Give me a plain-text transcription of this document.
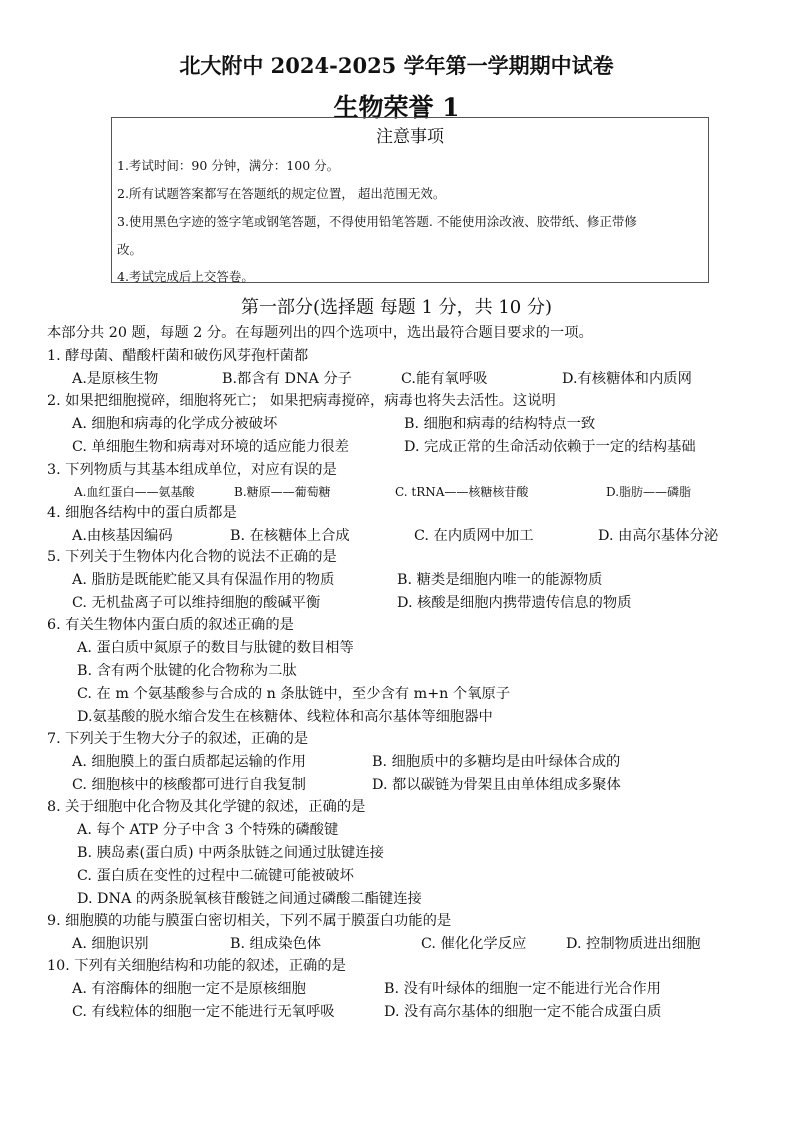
北大附中 2024-2025 学年第一学期期中试卷
生物荣誉 1
注意事项
1.考试时间：90 分钟，满分：100 分。
2.所有试题答案都写在答题纸的规定位置， 超出范围无效。
3.使用黑色字迹的签字笔或钢笔答题，不得使用铅笔答题. 不能使用涂改液、胶带纸、修正带修
改。
4.考试完成后上交答卷。
第一部分(选择题 每题 1 分，共 10 分)
本部分共 20 题，每题 2 分。在每题列出的四个选项中，选出最符合题目要求的一项。
1. 酵母菌、醋酸杆菌和破伤风芽孢杆菌都
A.是原核生物	B.都含有 DNA 分子	C.能有氧呼吸	D.有核糖体和内质网
2. 如果把细胞搅碎，细胞将死亡； 如果把病毒搅碎，病毒也将失去活性。这说明
A. 细胞和病毒的化学成分被破坏	B. 细胞和病毒的结构特点一致
C. 单细胞生物和病毒对环境的适应能力很差	D. 完成正常的生命活动依赖于一定的结构基础
3. 下列物质与其基本组成单位，对应有误的是
A.血红蛋白——氨基酸	B.糖原——葡萄糖	C. tRNA——核糖核苷酸	D.脂肪——磷脂
4. 细胞各结构中的蛋白质都是
A.由核基因编码	B. 在核糖体上合成	C. 在内质网中加工	D. 由高尔基体分泌
5. 下列关于生物体内化合物的说法不正确的是
A. 脂肪是既能贮能又具有保温作用的物质	B. 糖类是细胞内唯一的能源物质
C. 无机盐离子可以维持细胞的酸碱平衡	D. 核酸是细胞内携带遗传信息的物质
6. 有关生物体内蛋白质的叙述正确的是
A. 蛋白质中氮原子的数目与肽键的数目相等
B. 含有两个肽键的化合物称为二肽
C. 在 m 个氨基酸参与合成的 n 条肽链中，至少含有 m+n 个氧原子
D.氨基酸的脱水缩合发生在核糖体、线粒体和高尔基体等细胞器中
7. 下列关于生物大分子的叙述，正确的是
A. 细胞膜上的蛋白质都起运输的作用	B. 细胞质中的多糖均是由叶绿体合成的
C. 细胞核中的核酸都可进行自我复制	D. 都以碳链为骨架且由单体组成多聚体
8. 关于细胞中化合物及其化学键的叙述，正确的是
A. 每个 ATP 分子中含 3 个特殊的磷酸键
B. 胰岛素(蛋白质) 中两条肽链之间通过肽键连接
C. 蛋白质在变性的过程中二硫键可能被破坏
D. DNA 的两条脱氧核苷酸链之间通过磷酸二酯键连接
9. 细胞膜的功能与膜蛋白密切相关，下列不属于膜蛋白功能的是
A. 细胞识别	B. 组成染色体	C. 催化化学反应	D. 控制物质进出细胞
10. 下列有关细胞结构和功能的叙述，正确的是
A. 有溶酶体的细胞一定不是原核细胞	B. 没有叶绿体的细胞一定不能进行光合作用
C. 有线粒体的细胞一定不能进行无氧呼吸	D. 没有高尔基体的细胞一定不能合成蛋白质
